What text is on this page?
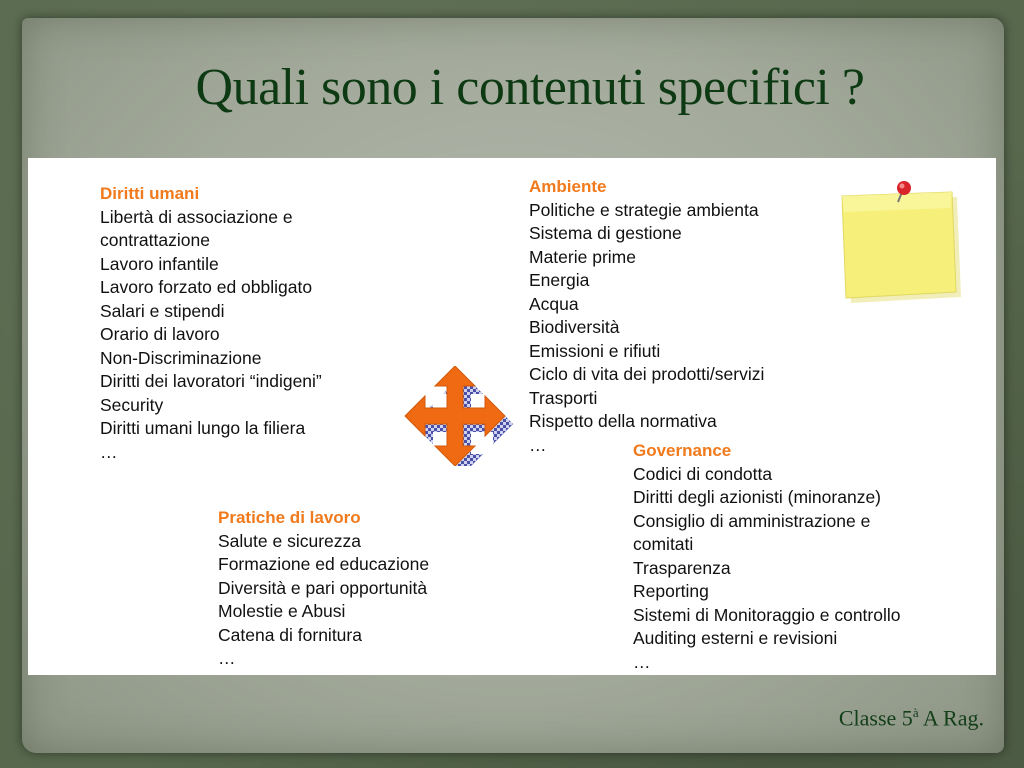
Quali sono i contenuti specifici ?
Diritti umani
Libertà di associazione e
contrattazione
Lavoro infantile
Lavoro forzato ed obbligato
Salari e stipendi
Orario di lavoro
Non-Discriminazione
Diritti dei lavoratori “indigeni”
Security
Diritti umani lungo la filiera
…
Ambiente
Politiche e strategie ambienta
Sistema di gestione
Materie prime
Energia
Acqua
Biodiversità
Emissioni e rifiuti
Ciclo di vita dei prodotti/servizi
Trasporti
Rispetto della normativa
…
Pratiche di lavoro
Salute e sicurezza
Formazione ed educazione
Diversità e pari opportunità
Molestie e Abusi
Catena di fornitura
…
Governance
Codici di condotta
Diritti degli azionisti (minoranze)
Consiglio di amministrazione e
comitati
Trasparenza
Reporting
Sistemi di Monitoraggio e controllo
Auditing esterni e revisioni
…
Classe $5^à$ A Rag.
